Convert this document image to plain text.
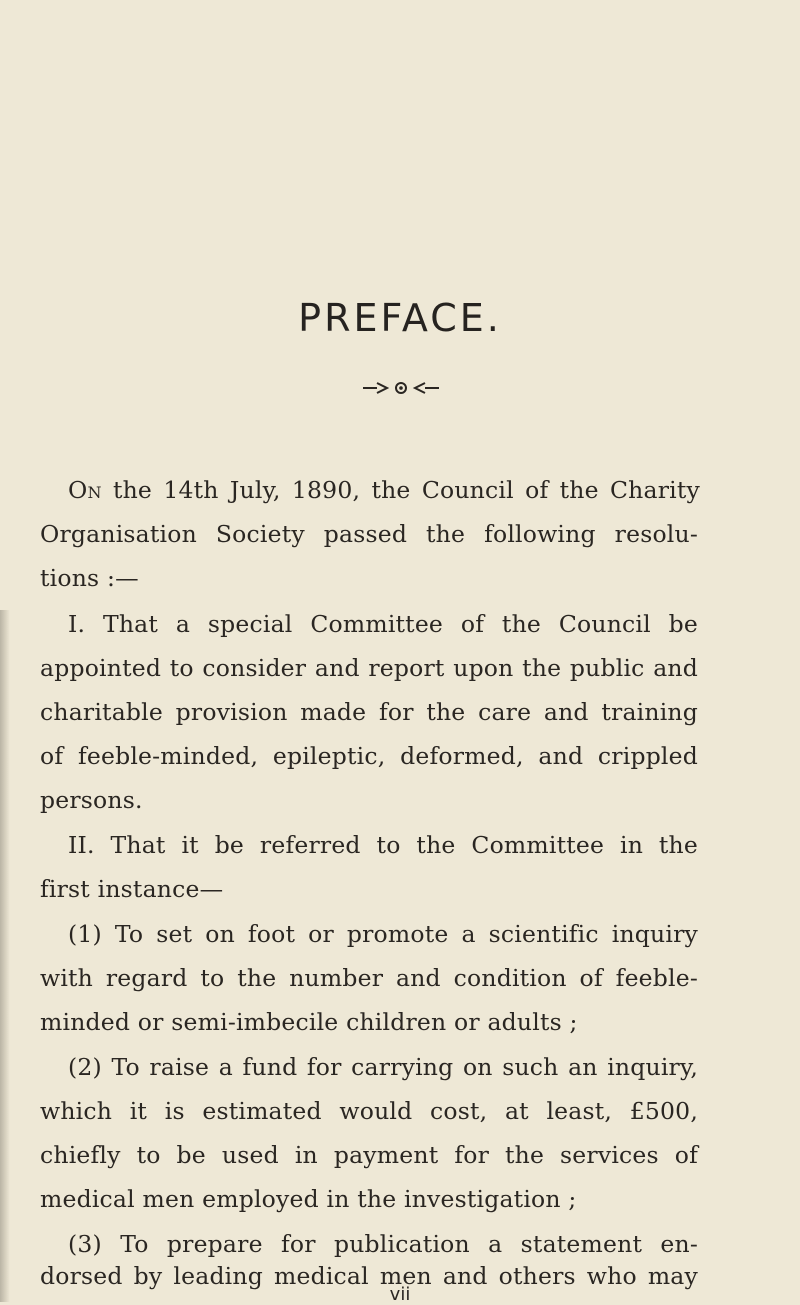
PREFACE.
On the 14th July, 1890, the Council of the Charity
Organisation Society passed the following resolu-
tions :—
I. That a special Committee of the Council be
appointed to consider and report upon the public and
charitable provision made for the care and training
of feeble-minded, epileptic, deformed, and crippled
persons.
II. That it be referred to the Committee in the
first instance—
(1) To set on foot or promote a scientific inquiry
with regard to the number and condition of feeble-
minded or semi-imbecile children or adults ;
(2) To raise a fund for carrying on such an inquiry,
which it is estimated would cost, at least, £500,
chiefly to be used in payment for the services of
medical men employed in the investigation ;
(3) To prepare for publication a statement en-
dorsed by leading medical men and others who may
vii
